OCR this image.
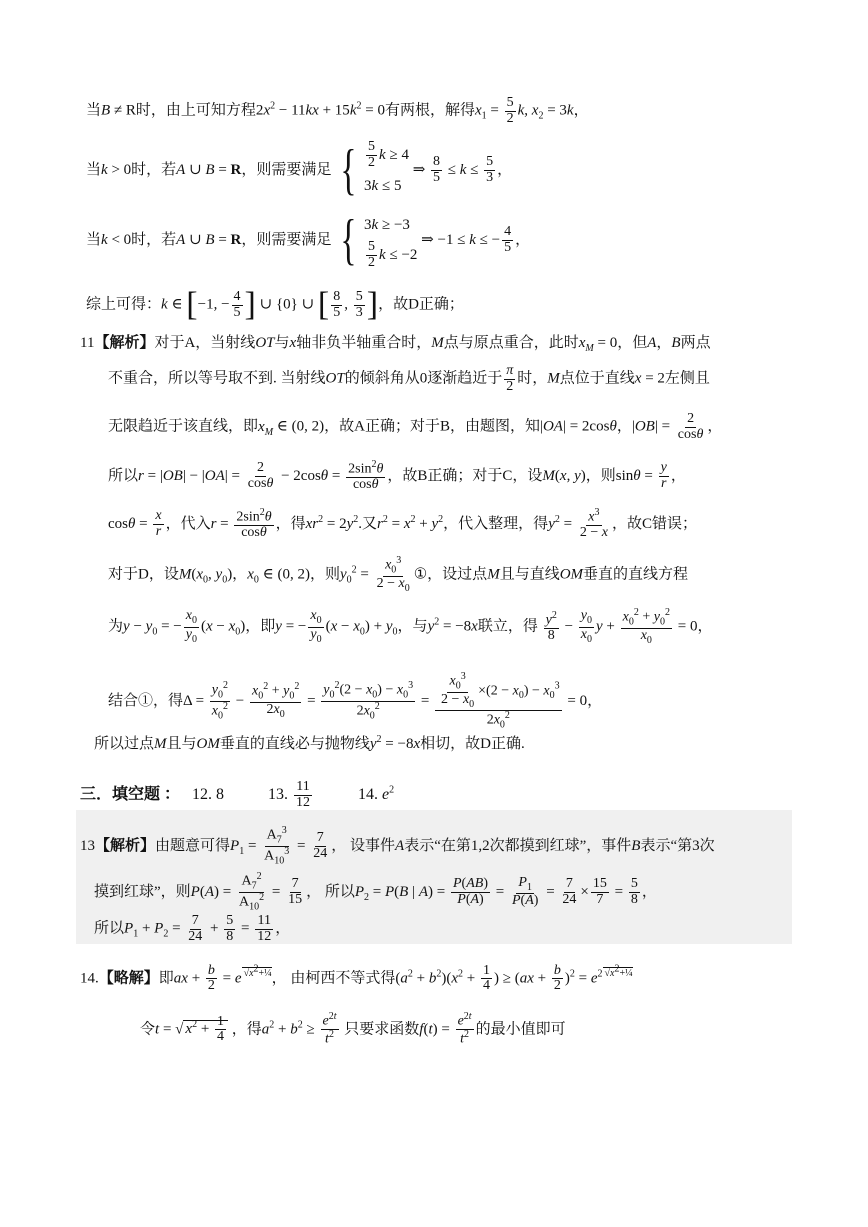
当B ≠ R时，由上可知方程$2x^2 - 11kx + 15k^2 = 0$有两根，解得$x_1 = \frac{5}{2} k$, $x_2 = 3k$，
当k > 0时，若A ∪ B = R，则需要满足 { $\frac{5}{2}$ k ≥ 4
3k ≤ 5
⇒ $\frac{8}{5} \le k \le \frac{5}{3}$ ，
当k < 0时，若A ∪ B = R，则需要满足 { 3k ≥ −3
$\frac{5}{2}$ k ≤ −2
⇒ −1 ≤ k ≤ − $\frac{4}{5}$ ，
综上可得：k ∈ [−1, − $\frac{4}{5}$ ] ∪ {0} ∪ [ $\frac{8}{5}$ , $\frac{5}{3}$ ]，故D正确；
11【解析】对于A，当射线OT与x轴非负半轴重合时，M点与原点重合，此时$x_M = 0$，但A，B两点
不重合，所以等号取不到. 当射线OT的倾斜角从0逐渐趋近于 $\frac{\pi}{2}$ 时，M点位于直线x = 2左侧且
无限趋近于该直线，即$x_M$ ∈ (0, 2)，故A正确；对于B，由题图，知|OA| = 2cosθ，$|OB| = \frac{2}{\cos\theta}$ ，
所以$r = |OB| - |OA| = \frac{2}{\cos\theta} - 2\cos\theta = \frac{2\sin^2\theta}{\cos\theta}$ ，故B正确；对于C，设M(x, y)，则$\sin\theta = \frac{y}{r}$ ，
$\cos\theta = \frac{x}{r}$ ，代入$r = \frac{2\sin^2\theta}{\cos\theta}$ ，得$xr^2 = 2y^2$.又$r^2 = x^2 + y^2$，代入整理，得$y^2 = \frac{x^3}{2 - x}$ ，故C错误；
对于D，设$M(x_0$, $y_0$)，$x_0$ ∈ (0, 2)，则$y_0^2 = \frac{x_0^3}{2 - x_0}$ ①，设过点M且与直线OM垂直的直线方程
为$y - y_0$ = − $\frac{x_0}{y_0} (x - x_0)$，即y = − $\frac{x_0}{y_0} (x - x_0) + y_0$，与$y^2 = -8x$联立，得 $\frac{y^2}{8} - \frac{y_0}{x_0}$ $y + \frac{x_0^2 + y_0^2}{x_0} = 0$，
结合①，得$\Delta = \frac{y_0^2}{x_0^2} - \frac{x_0^2 + y_0^2}{2x_0} = \frac{y_0^2(2 - x_0) - x_0^3}{2x_0^2} = \frac{\frac{x_0^3}{2 - x_0} \times(2 - x_0) - x_0^3}{2x_0^2} = 0$，
所以过点M且与OM垂直的直线必与抛物线$y^2 = -8x$相切，故D正确.
三．填空题 ： 12. 8	13. $\frac{11}{12}$	14. $e^2$
13【解析】由题意可得$P_1 = \frac{A_7^3}{A_{10}^3} = \frac{7}{24}$ ， 设事件A表示“在第1,2次都摸到红球”，事件B表示“第3次
摸到红球”，则$P(A) = \frac{A_7^2}{A_{10}^2} = \frac{7}{15}$ ， 所以$P_2 = P(B$ | $A) = \frac{P(AB)}{P(A)} = \frac{P_1}{P(A)} = \frac{7}{24} \times \frac{15}{7} = \frac{5}{8}$ ，
所以$P_1 + P_2 = \frac{7}{24} + \frac{5}{8} = \frac{11}{12}$ ，
14.【略解】即ax + $\frac{b}{2} = e$ $^{√x^2+\frac{1}{4}}$， 由柯西不等式得$(a^2 + b^2)(x^2 + \frac{1}{4}$ ) ≥ $(ax + \frac{b}{2} )^2 = e^{2 √x^2+\frac{1}{4}}$
令t = √ $x^2 + \frac{1}{4}$ ，得$a^2 + b^2 \ge \frac{e^{2t}}{t^2}$ 只要求函数$f(t) = \frac{e^{2t}}{t^2}$ 的最小值即可
